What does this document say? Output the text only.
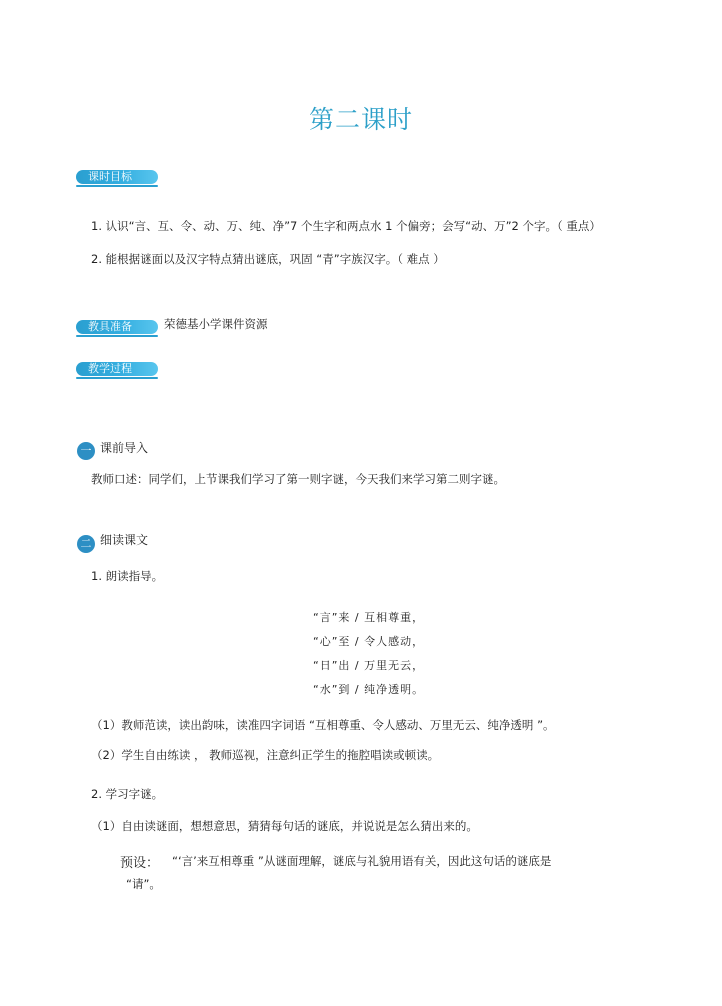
第二课时
课时目标
1. 认识“言、互、令、动、万、纯、净”7 个生字和两点水 1 个偏旁；会写“动、万”2 个字。（ 重点）
2. 能根据谜面以及汉字特点猜出谜底，巩固 “青”字族汉字。（ 难点 ）
教具准备	荣德基小学课件资源
教学过程
一 课前导入
教师口述：同学们，上节课我们学习了第一则字谜，今天我们来学习第二则字谜。
二 细读课文
1. 朗读指导。
“言”来 / 互相尊重，
“心”至 / 令人感动，
“日”出 / 万里无云，
“水”到 / 纯净透明。
（1）教师范读，读出韵味，读准四字词语 “互相尊重、令人感动、万里无云、纯净透明 ”。
（2）学生自由练读 ， 教师巡视，注意纠正学生的拖腔唱读或顿读。
2. 学习字谜。
（1）自由读谜面，想想意思，猜猜每句话的谜底，并说说是怎么猜出来的。
预设： “‘言’来互相尊重 ”从谜面理解，谜底与礼貌用语有关，因此这句话的谜底是
“请”。
